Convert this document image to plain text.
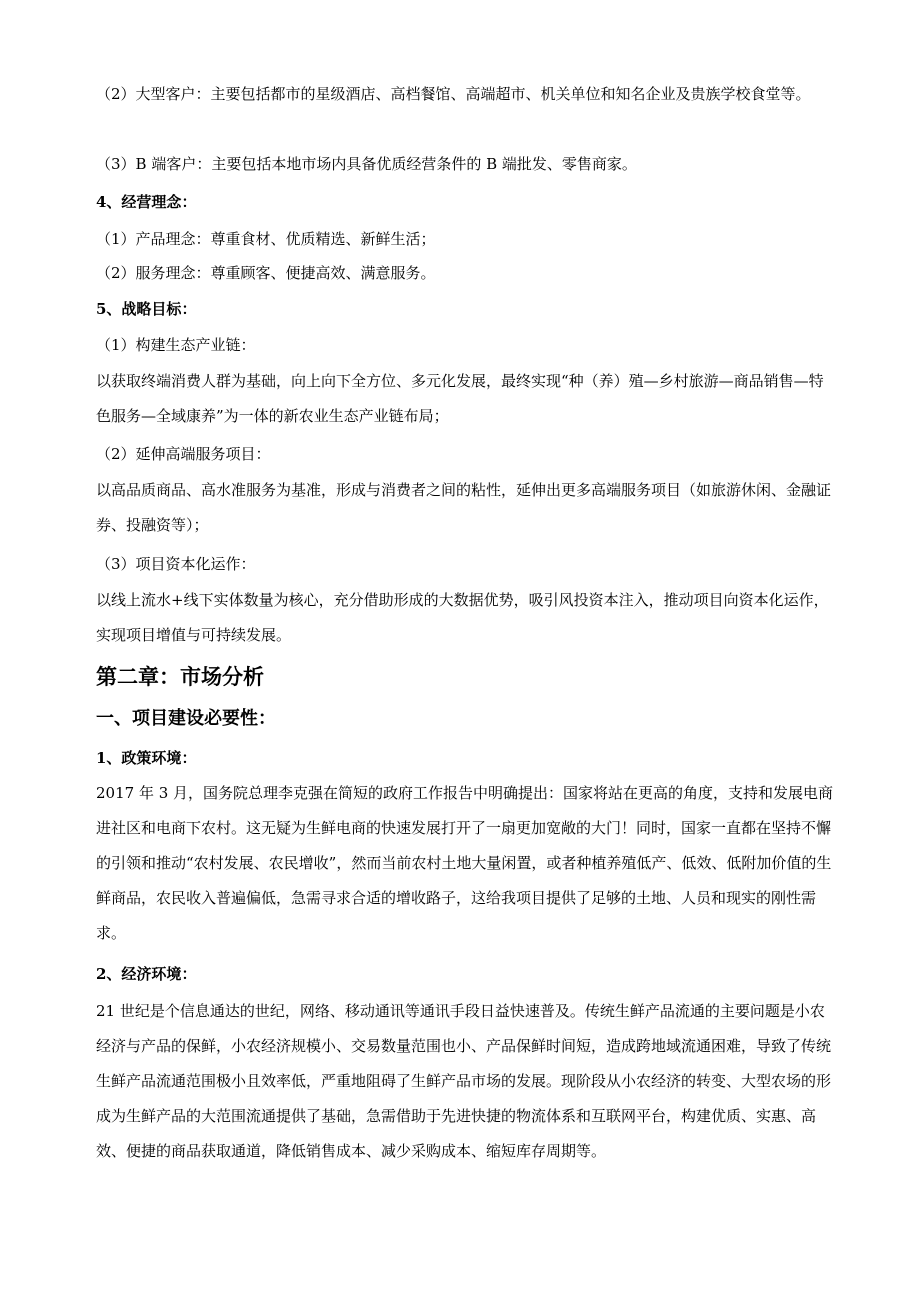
（2）大型客户：主要包括都市的星级酒店、高档餐馆、高端超市、机关单位和知名企业及贵族学校食堂等。
（3）B 端客户：主要包括本地市场内具备优质经营条件的 B 端批发、零售商家。
4、经营理念：
（1）产品理念：尊重食材、优质精选、新鲜生活；
（2）服务理念：尊重顾客、便捷高效、满意服务。
5、战略目标：
（1）构建生态产业链：
以获取终端消费人群为基础，向上向下全方位、多元化发展，最终实现“种（养）殖—乡村旅游—商品销售—特色服务—全域康养”为一体的新农业生态产业链布局；
（2）延伸高端服务项目：
以高品质商品、高水准服务为基准，形成与消费者之间的粘性，延伸出更多高端服务项目（如旅游休闲、金融证券、投融资等）；
（3）项目资本化运作：
以线上流水+线下实体数量为核心，充分借助形成的大数据优势，吸引风投资本注入，推动项目向资本化运作，实现项目增值与可持续发展。
第二章：市场分析
一、项目建设必要性：
1、政策环境：
2017 年 3 月，国务院总理李克强在简短的政府工作报告中明确提出：国家将站在更高的角度，支持和发展电商进社区和电商下农村。这无疑为生鲜电商的快速发展打开了一扇更加宽敞的大门！同时，国家一直都在坚持不懈的引领和推动“农村发展、农民增收”，然而当前农村土地大量闲置，或者种植养殖低产、低效、低附加价值的生鲜商品，农民收入普遍偏低，急需寻求合适的增收路子，这给我项目提供了足够的土地、人员和现实的刚性需求。
2、经济环境：
21 世纪是个信息通达的世纪，网络、移动通讯等通讯手段日益快速普及。传统生鲜产品流通的主要问题是小农经济与产品的保鲜，小农经济规模小、交易数量范围也小、产品保鲜时间短，造成跨地域流通困难，导致了传统生鲜产品流通范围极小且效率低，严重地阻碍了生鲜产品市场的发展。现阶段从小农经济的转变、大型农场的形成为生鲜产品的大范围流通提供了基础，急需借助于先进快捷的物流体系和互联网平台，构建优质、实惠、高效、便捷的商品获取通道，降低销售成本、减少采购成本、缩短库存周期等。
